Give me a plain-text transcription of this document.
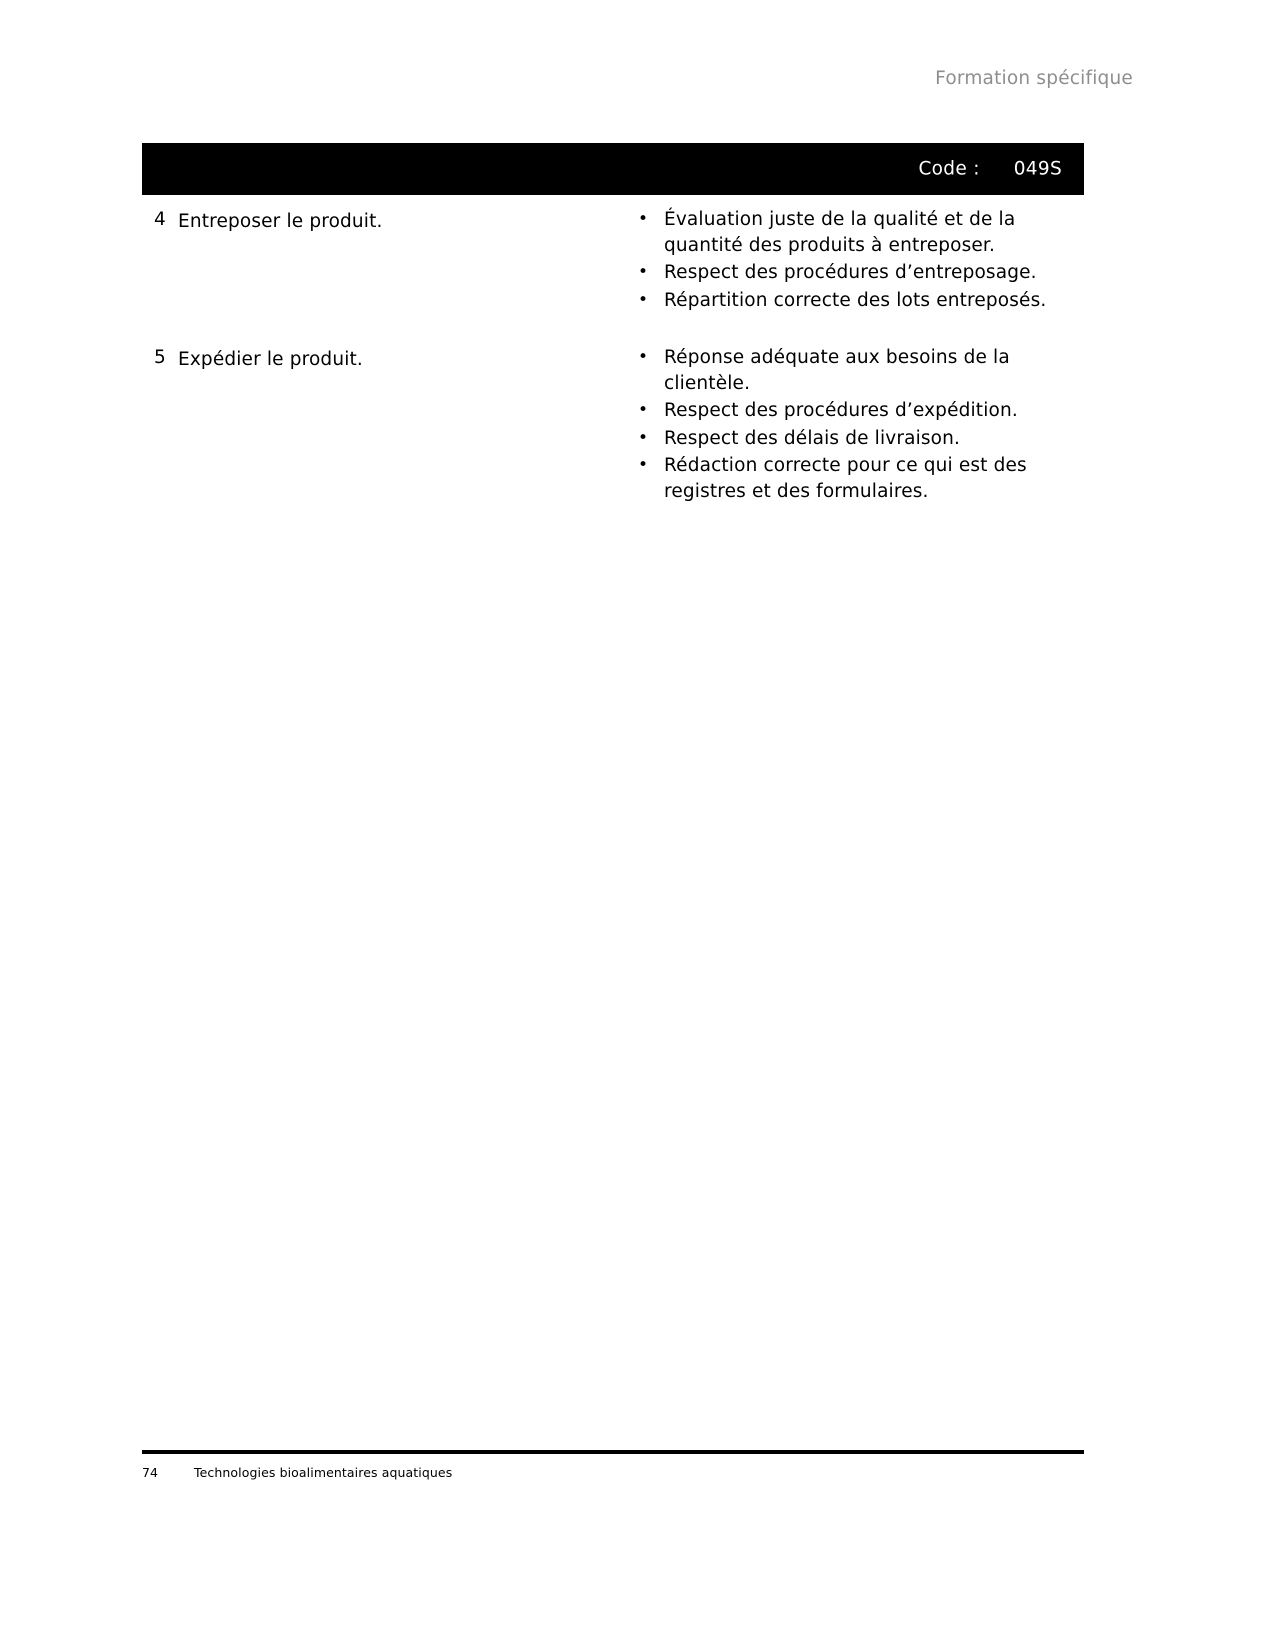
Formation spécifique
Code : 049S
4 Entreposer le produit.	• Évaluation juste de la qualité et de la quantité des produits à entreposer.
• Respect des procédures d’entreposage.
• Répartition correcte des lots entreposés.
5 Expédier le produit.	• Réponse adéquate aux besoins de la clientèle.
• Respect des procédures d’expédition.
• Respect des délais de livraison.
• Rédaction correcte pour ce qui est des registres et des formulaires.
74	Technologies bioalimentaires aquatiques
